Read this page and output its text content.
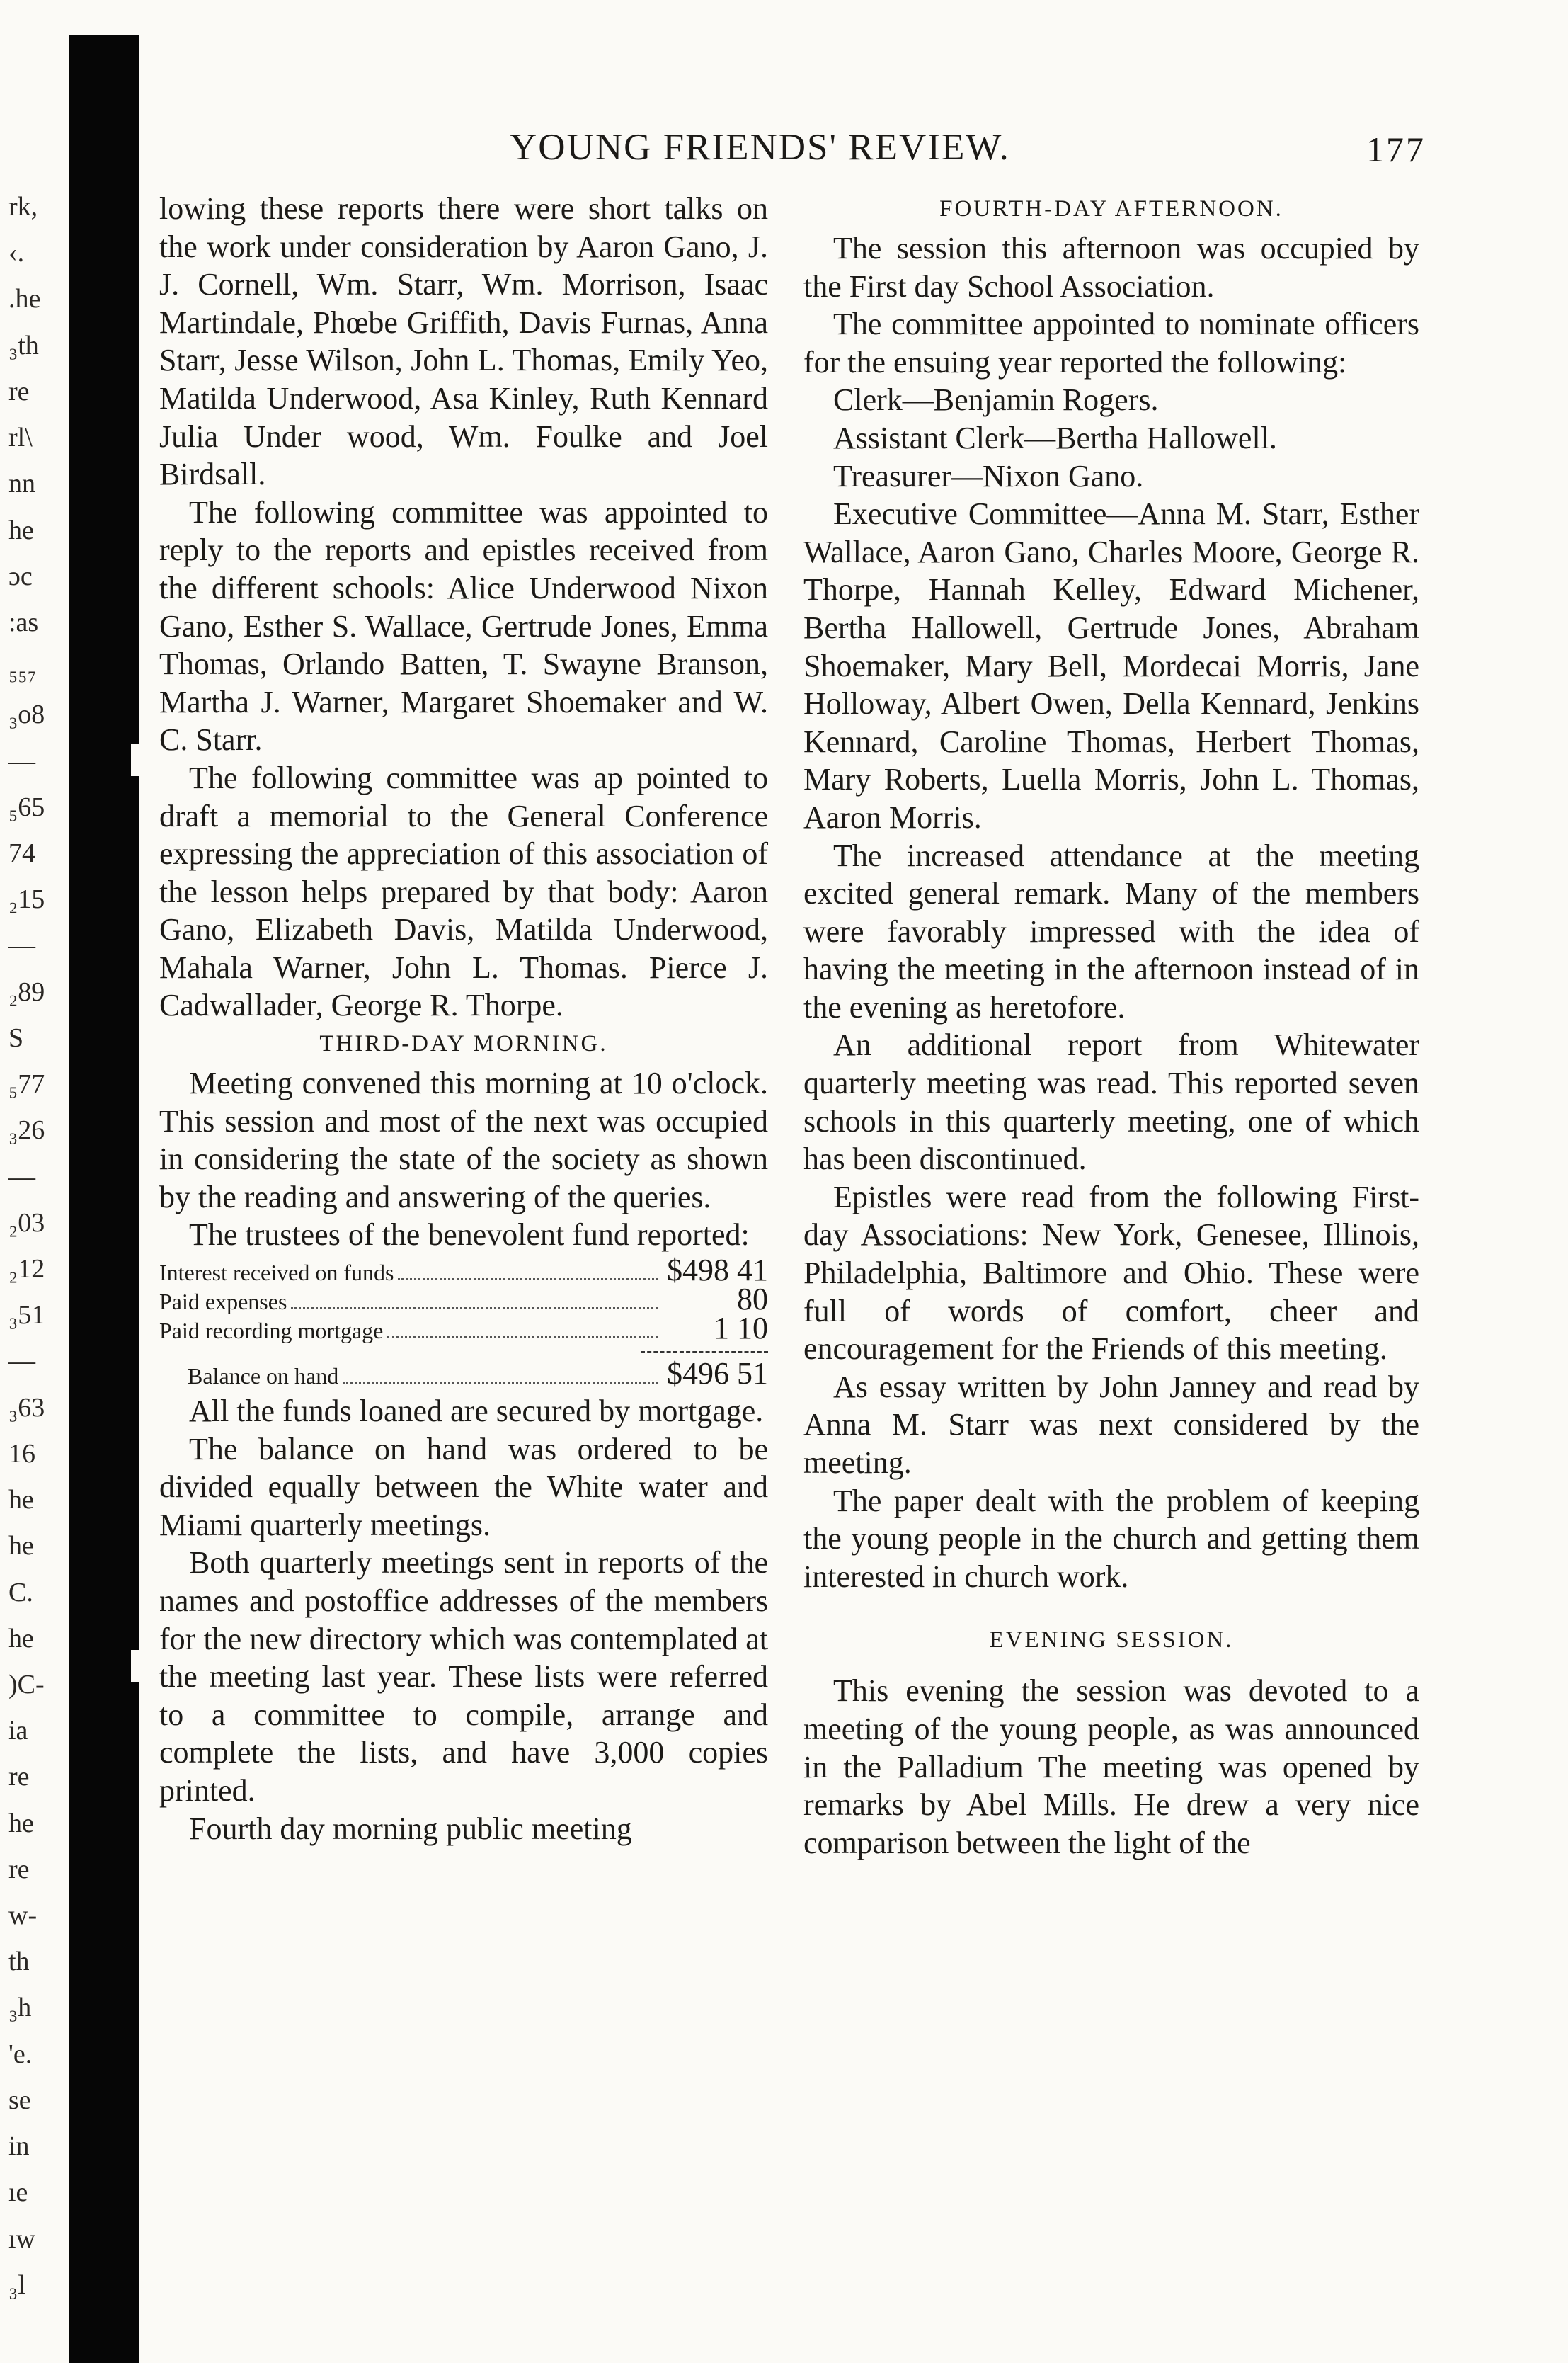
rk,
‹.
.he
₃th
re
rl\
nn
he
ɔc
:as
₅₅₇
₃o8
—
₅65
74
₂15
—
₂89
S
₅77
₃26
—
₂03
₂12
₃51
—
₃63
16
he
he
C.
he
)C-
ia
re
he
re
w-
th
₃h
'e.
se
in
ıe
ıw
₃l
YOUNG FRIENDS' REVIEW.	177

lowing these reports there were short talks on the work under consideration by Aaron Gano, J. J. Cornell, Wm. Starr, Wm. Morrison, Isaac Martindale, Phœbe Griffith, Davis Furnas, Anna Starr, Jesse Wilson, John L. Thomas, Emily Yeo, Matilda Underwood, Asa Kinley, Ruth Kennard Julia Under wood, Wm. Foulke and Joel Birdsall.

The following committee was appointed to reply to the reports and epistles received from the different schools: Alice Underwood Nixon Gano, Esther S. Wallace, Gertrude Jones, Emma Thomas, Orlando Batten, T. Swayne Branson, Martha J. Warner, Margaret Shoemaker and W. C. Starr.

The following committee was ap pointed to draft a memorial to the General Conference expressing the appreciation of this association of the lesson helps prepared by that body: Aaron Gano, Elizabeth Davis, Matilda Underwood, Mahala Warner, John L. Thomas. Pierce J. Cadwallader, George R. Thorpe.

THIRD-DAY MORNING.

Meeting convened this morning at 10 o'clock. This session and most of the next was occupied in considering the state of the society as shown by the reading and answering of the queries.

The trustees of the benevolent fund reported:

Interest received on funds	$498 41
Paid expenses	80
Paid recording mortgage	1 10
Balance on hand	$496 51

All the funds loaned are secured by mortgage.

The balance on hand was ordered to be divided equally between the White water and Miami quarterly meetings.

Both quarterly meetings sent in reports of the names and postoffice addresses of the members for the new directory which was contemplated at the meeting last year. These lists were referred to a committee to compile, arrange and complete the lists, and have 3,000 copies printed.

Fourth day morning public meeting

FOURTH-DAY AFTERNOON.

The session this afternoon was occupied by the First day School Association.

The committee appointed to nominate officers for the ensuing year reported the following:

Clerk—Benjamin Rogers.

Assistant Clerk—Bertha Hallowell.

Treasurer—Nixon Gano.

Executive Committee—Anna M. Starr, Esther Wallace, Aaron Gano, Charles Moore, George R. Thorpe, Hannah Kelley, Edward Michener, Bertha Hallowell, Gertrude Jones, Abraham Shoemaker, Mary Bell, Mordecai Morris, Jane Holloway, Albert Owen, Della Kennard, Jenkins Kennard, Caroline Thomas, Herbert Thomas, Mary Roberts, Luella Morris, John L. Thomas, Aaron Morris.

The increased attendance at the meeting excited general remark. Many of the members were favorably impressed with the idea of having the meeting in the afternoon instead of in the evening as heretofore.

An additional report from Whitewater quarterly meeting was read. This reported seven schools in this quarterly meeting, one of which has been discontinued.

Epistles were read from the following First-day Associations: New York, Genesee, Illinois, Philadelphia, Baltimore and Ohio. These were full of words of comfort, cheer and encouragement for the Friends of this meeting.

As essay written by John Janney and read by Anna M. Starr was next considered by the meeting.

The paper dealt with the problem of keeping the young people in the church and getting them interested in church work.

EVENING SESSION.

This evening the session was devoted to a meeting of the young people, as was announced in the Palladium The meeting was opened by remarks by Abel Mills. He drew a very nice comparison between the light of the
